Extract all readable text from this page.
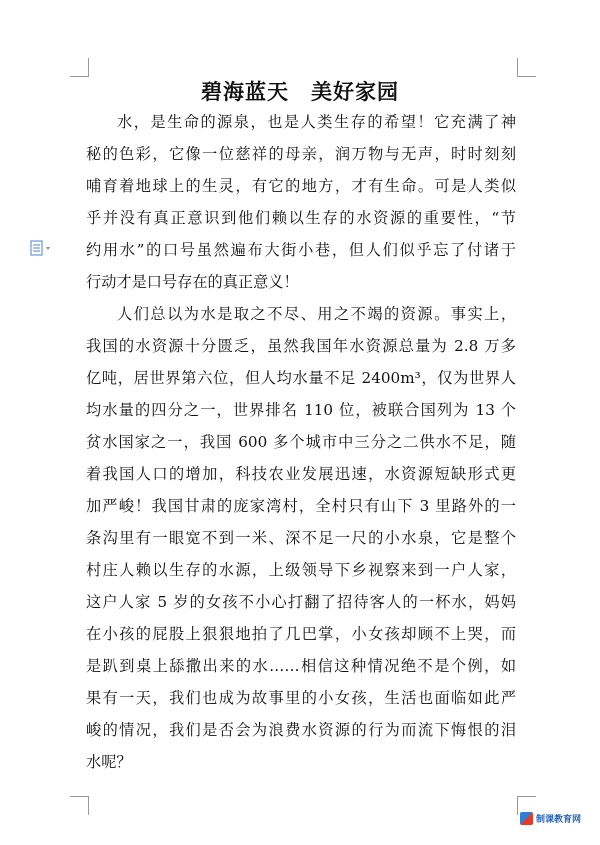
碧海蓝天　美好家园

水，是生命的源泉，也是人类生存的希望！它充满了神
秘的色彩，它像一位慈祥的母亲，润万物与无声，时时刻刻
哺育着地球上的生灵，有它的地方，才有生命。可是人类似
乎并没有真正意识到他们赖以生存的水资源的重要性，“节
约用水”的口号虽然遍布大街小巷，但人们似乎忘了付诸于
行动才是口号存在的真正意义！

人们总以为水是取之不尽、用之不竭的资源。事实上，
我国的水资源十分匮乏，虽然我国年水资源总量为 2.8 万多
亿吨，居世界第六位，但人均水量不足 2400m³，仅为世界人
均水量的四分之一，世界排名 110 位，被联合国列为 13 个
贫水国家之一，我国 600 多个城市中三分之二供水不足，随
着我国人口的增加，科技农业发展迅速，水资源短缺形式更
加严峻！我国甘肃的庞家湾村，全村只有山下 3 里路外的一
条沟里有一眼宽不到一米、深不足一尺的小水泉，它是整个
村庄人赖以生存的水源，上级领导下乡视察来到一户人家，
这户人家 5 岁的女孩不小心打翻了招待客人的一杯水，妈妈
在小孩的屁股上狠狠地拍了几巴掌，小女孩却顾不上哭，而
是趴到桌上舔撒出来的水……相信这种情况绝不是个例，如
果有一天，我们也成为故事里的小女孩，生活也面临如此严
峻的情况，我们是否会为浪费水资源的行为而流下悔恨的泪
水呢？

制课教育网
